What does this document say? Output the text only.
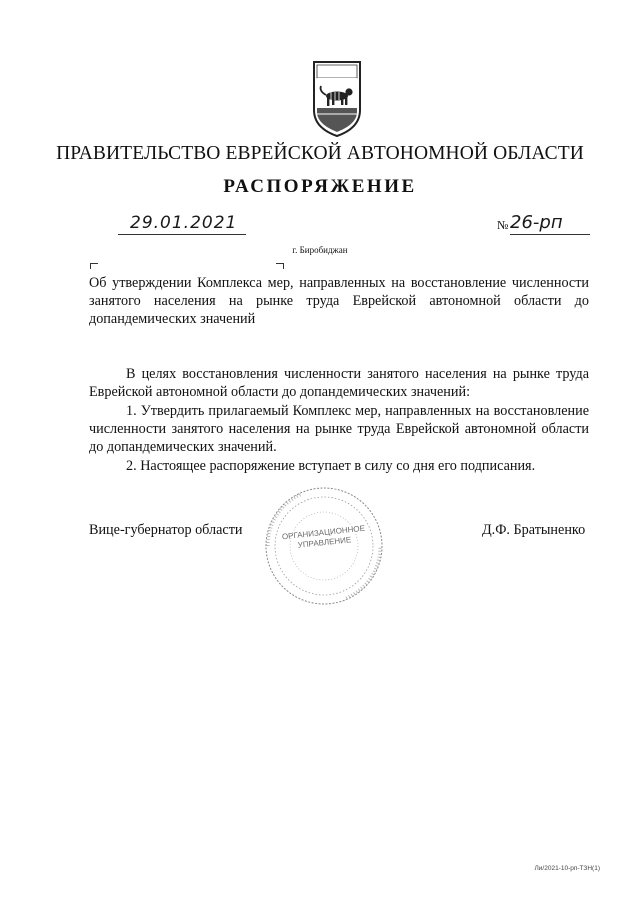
ПРАВИТЕЛЬСТВО ЕВРЕЙСКОЙ АВТОНОМНОЙ ОБЛАСТИ
РАСПОРЯЖЕНИЕ
29.01.2021	№ 26-рп
г. Биробиджан
Об утверждении Комплекса мер, направленных на восстановление численности занятого населения на рынке труда Еврейской автономной области до допандемических значений
В целях восстановления численности занятого населения на рынке труда Еврейской автономной области до допандемических значений:
1. Утвердить прилагаемый Комплекс мер, направленных на восстановление численности занятого населения на рынке труда Еврейской автономной области до допандемических значений.
2. Настоящее распоряжение вступает в силу со дня его подписания.
Вице-губернатор области	Д.Ф. Братыненко
ОРГАНИЗАЦИОННОЕ УПРАВЛЕНИЕ
Ли/2021-10-рп-ТЗН(1)
